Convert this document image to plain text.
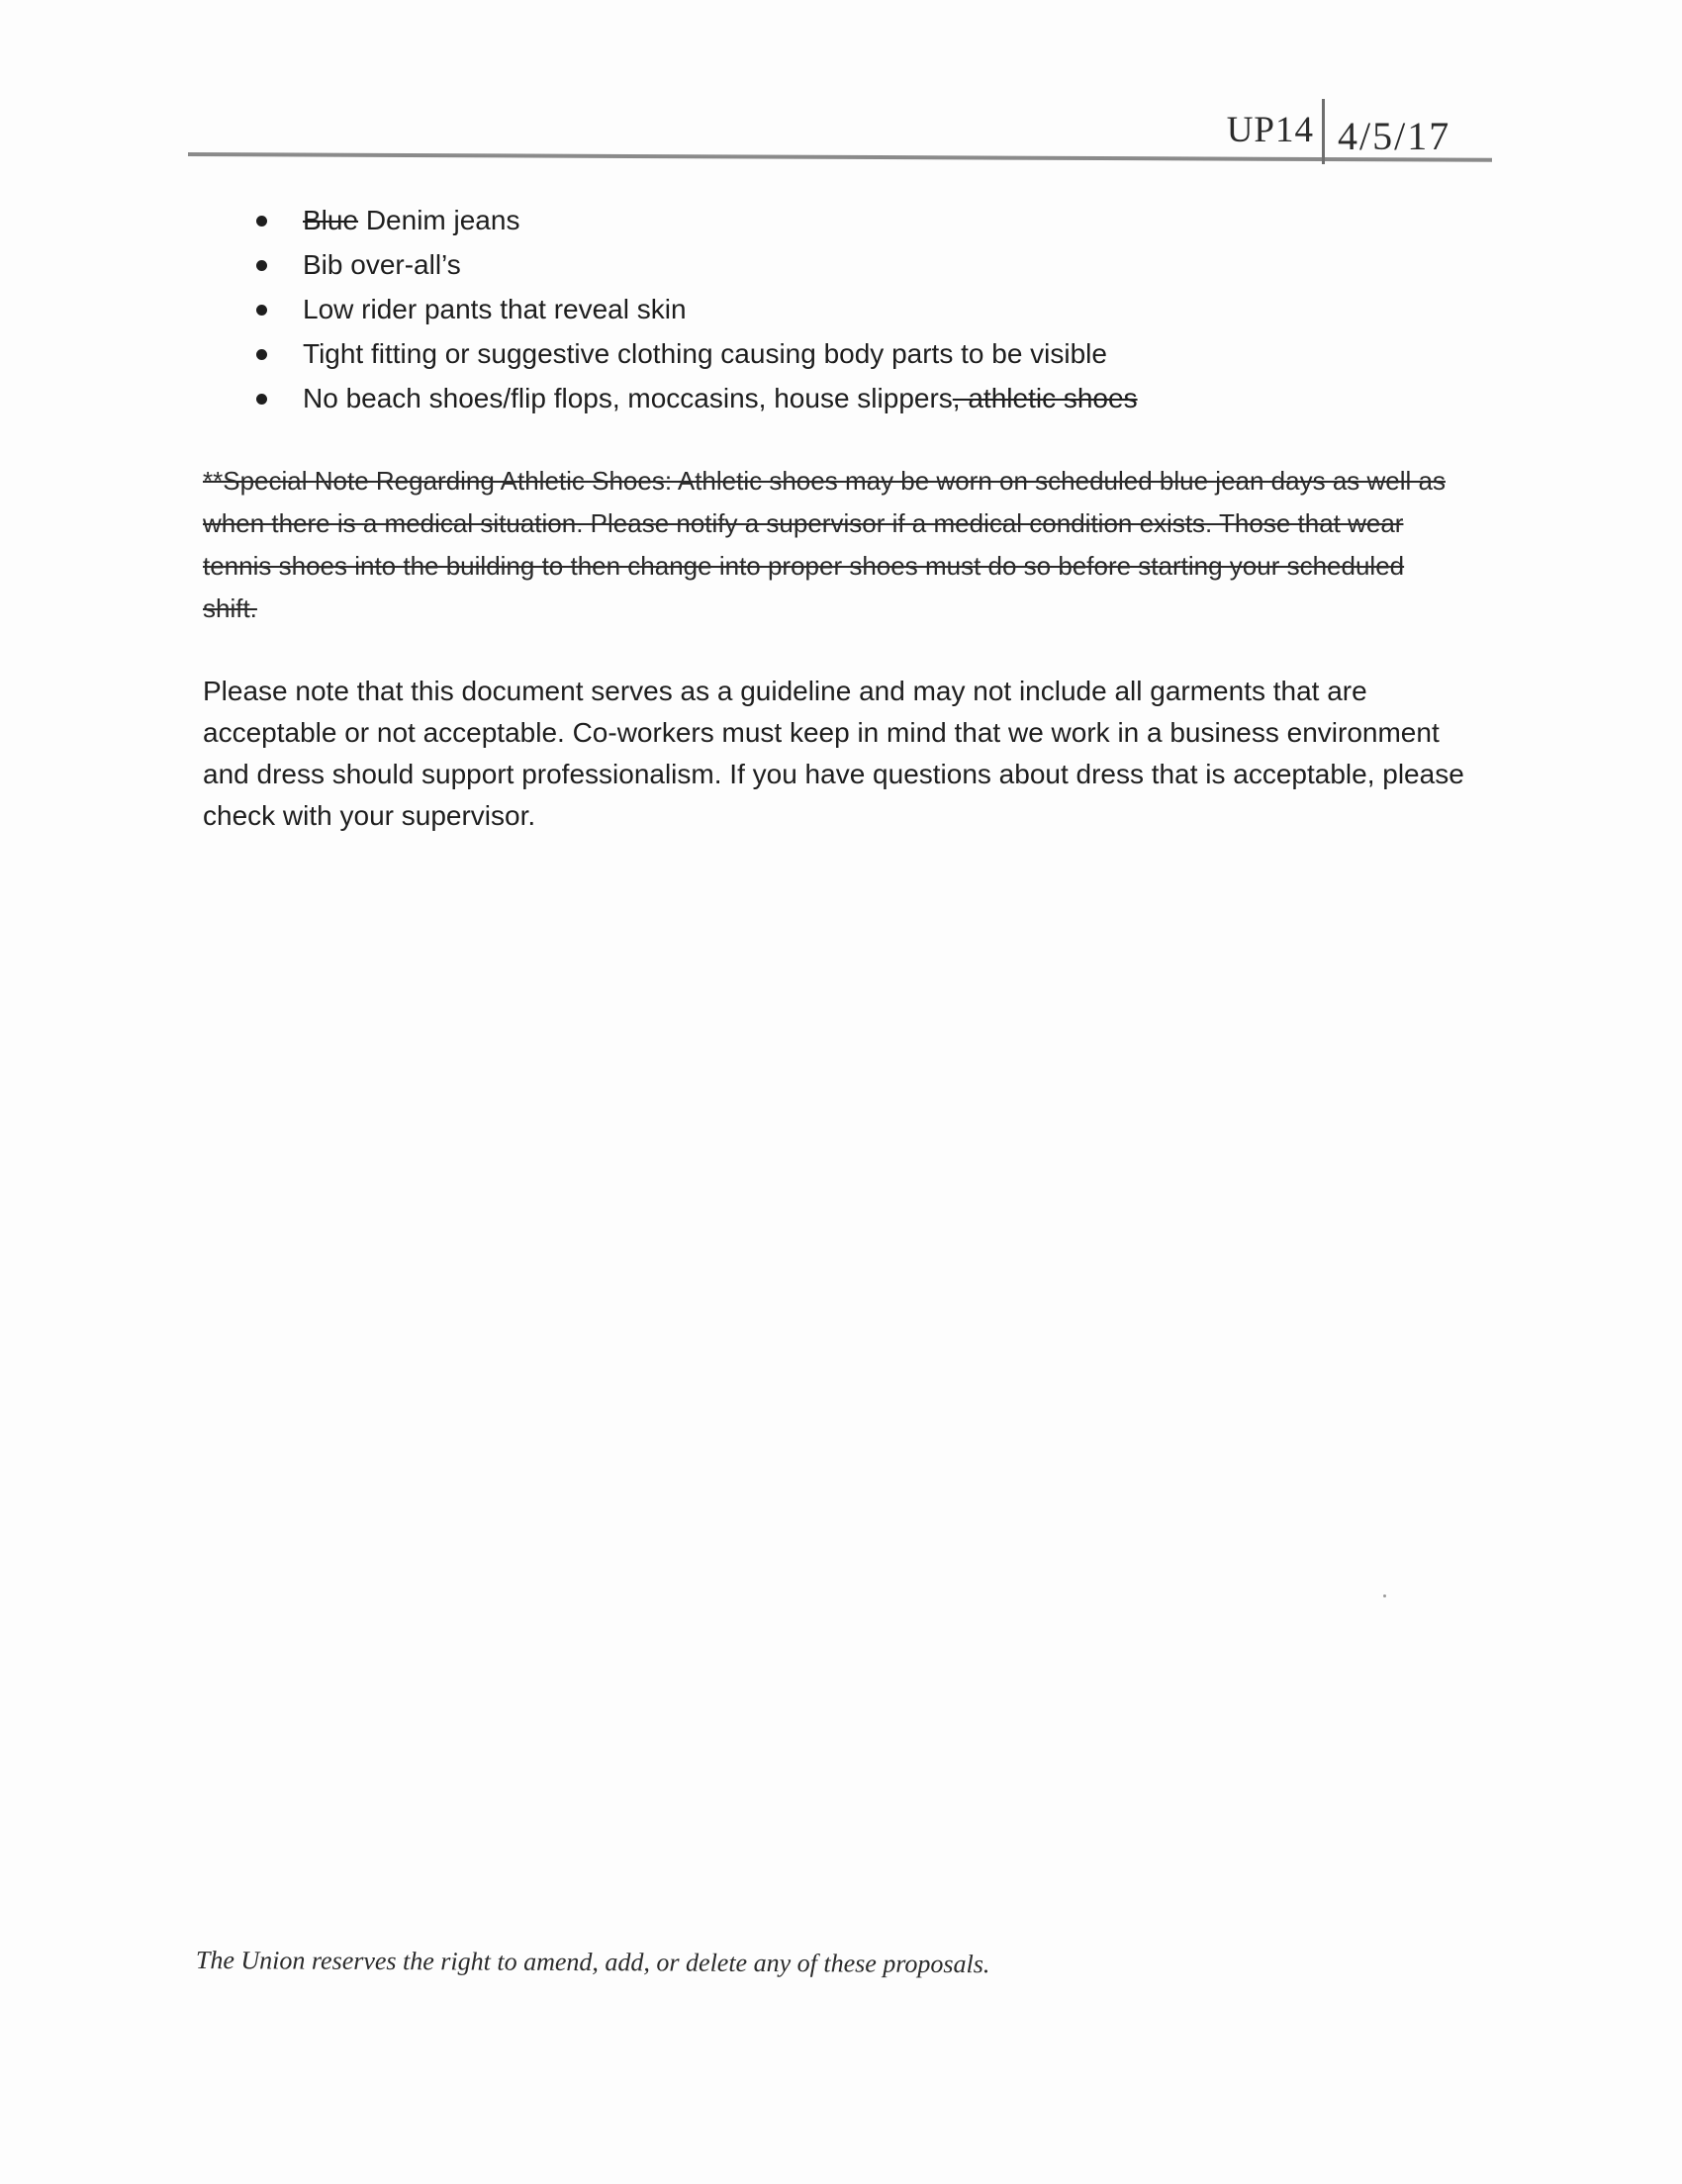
UP14 4/5/17
Blue Denim jeans
Bib over-all’s
Low rider pants that reveal skin
Tight fitting or suggestive clothing causing body parts to be visible
No beach shoes/flip flops, moccasins, house slippers, athletic shoes

**Special Note Regarding Athletic Shoes: Athletic shoes may be worn on scheduled blue jean days as well as when there is a medical situation. Please notify a supervisor if a medical condition exists. Those that wear tennis shoes into the building to then change into proper shoes must do so before starting your scheduled shift.

Please note that this document serves as a guideline and may not include all garments that are acceptable or not acceptable. Co-workers must keep in mind that we work in a business environment and dress should support professionalism. If you have questions about dress that is acceptable, please check with your supervisor.

The Union reserves the right to amend, add, or delete any of these proposals.
